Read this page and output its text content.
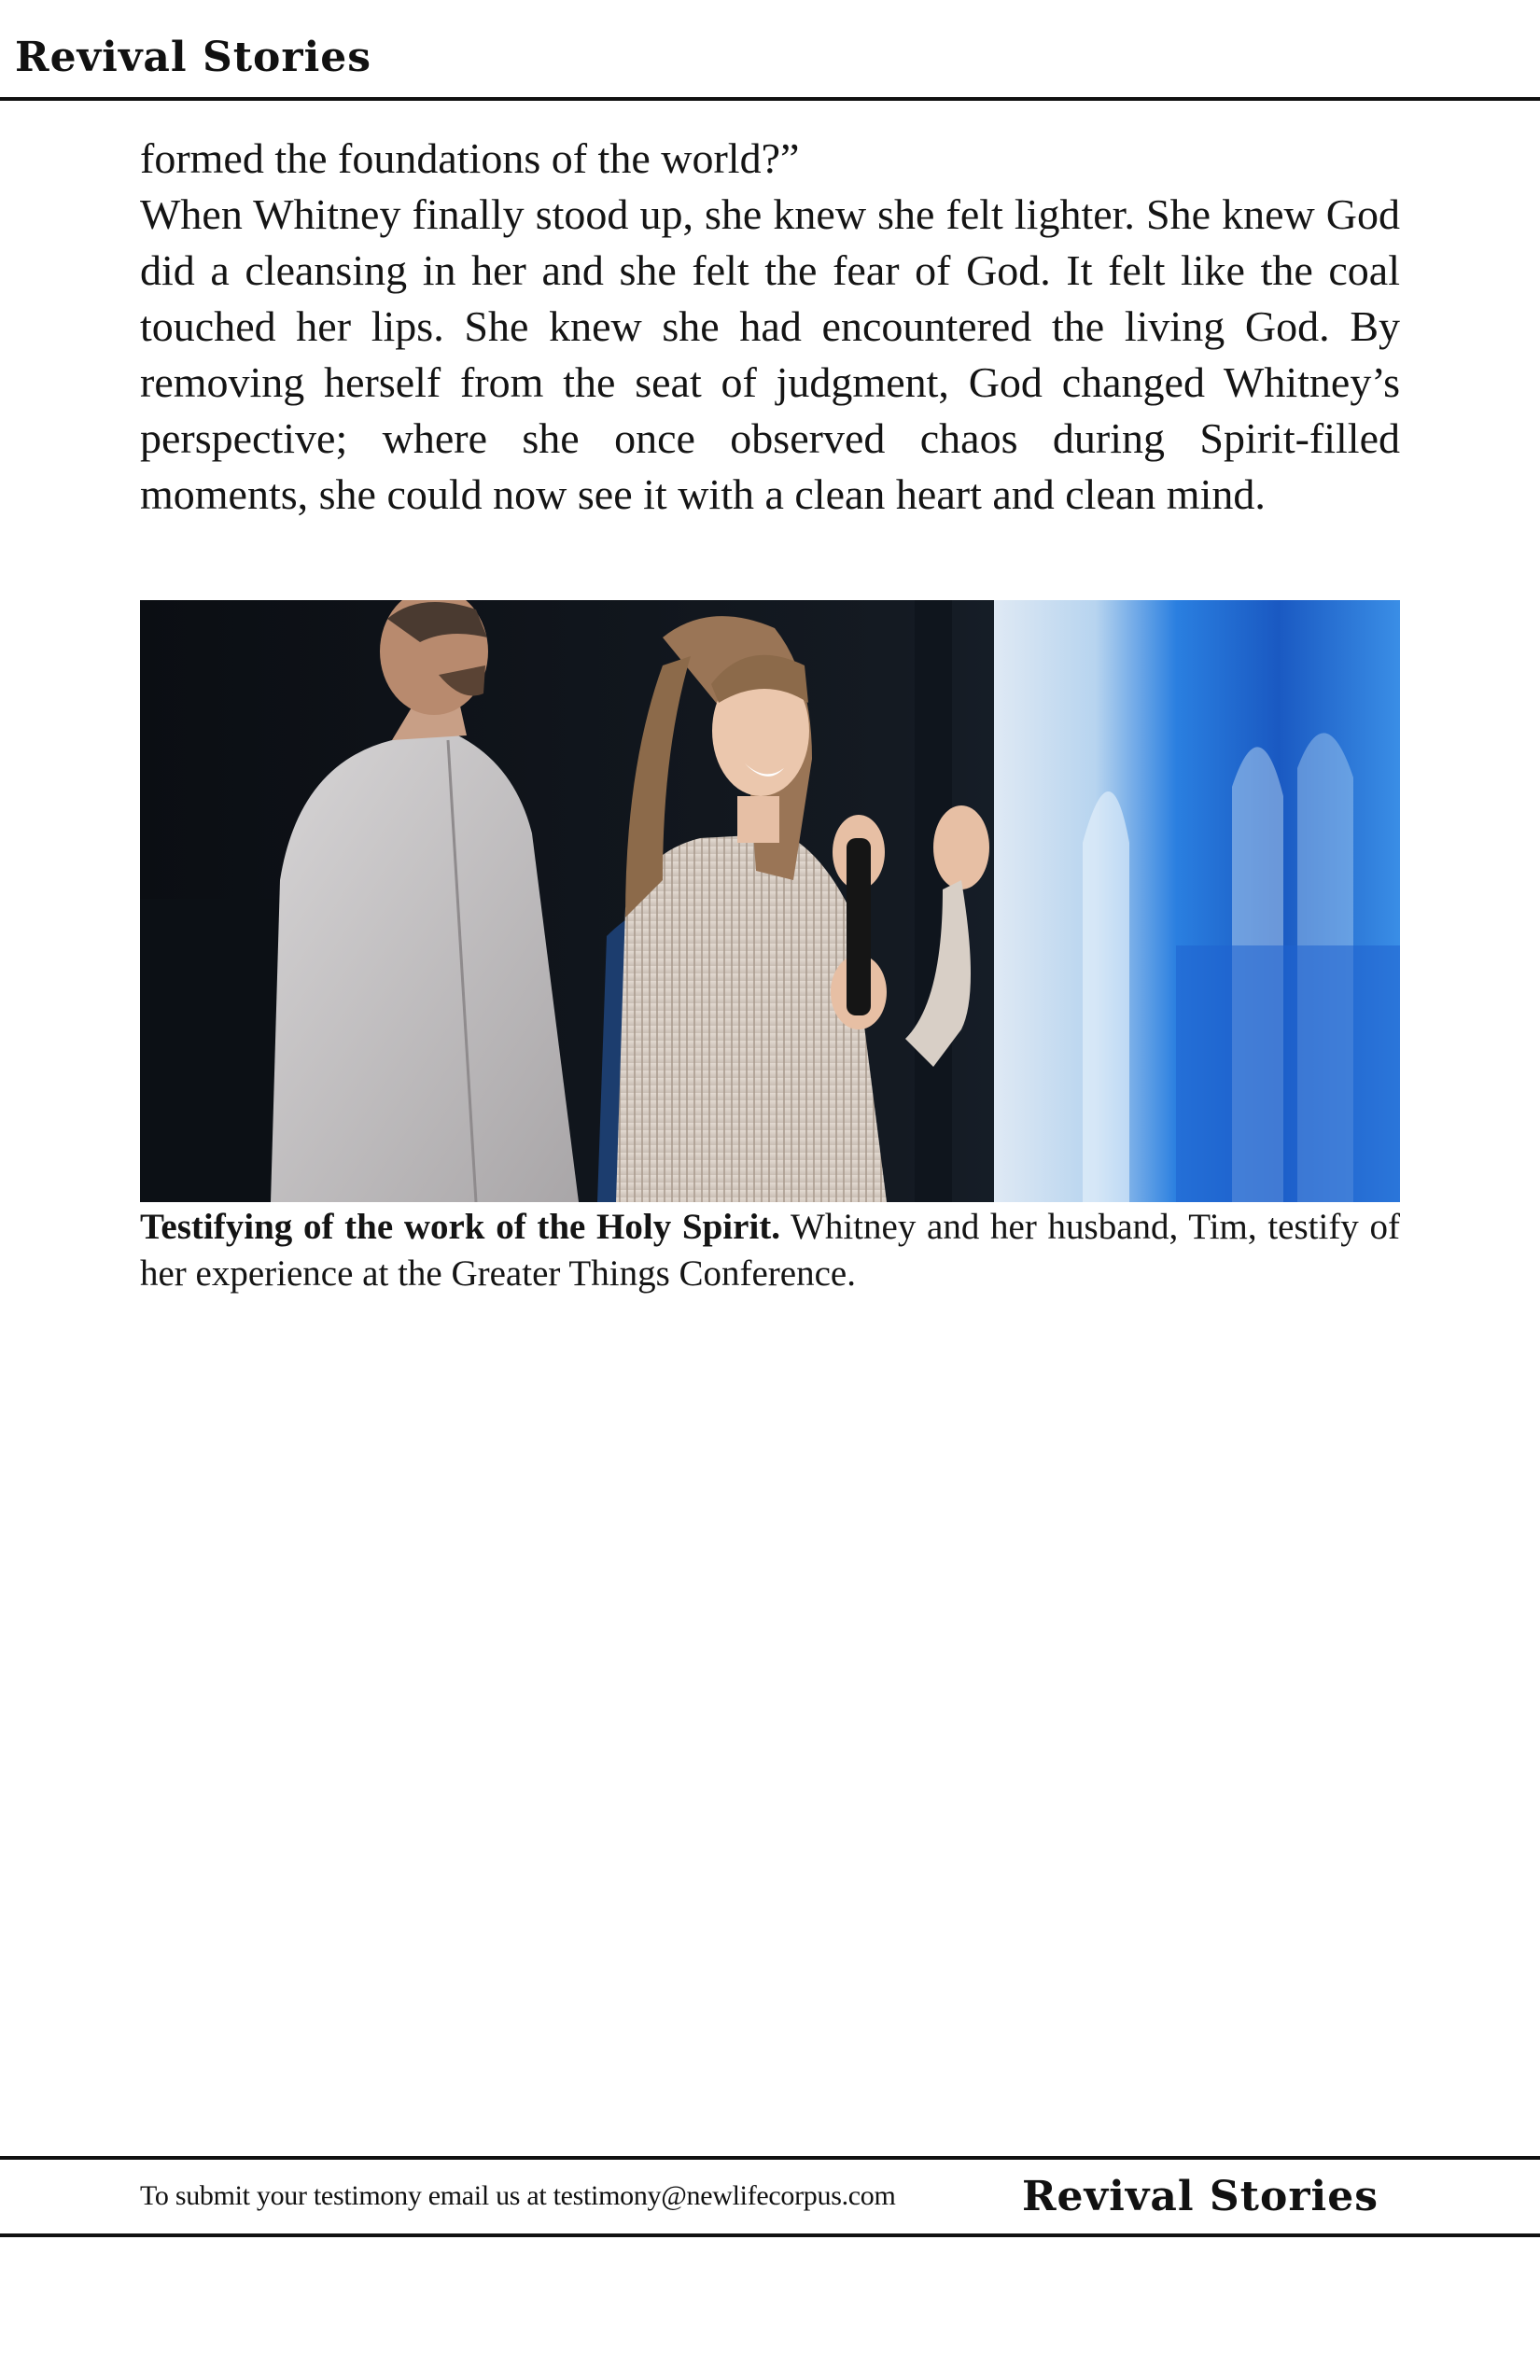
Revival Stories

formed the foundations of the world?”

When Whitney finally stood up, she knew she felt lighter. She knew God did a cleansing in her and she felt the fear of God. It felt like the coal touched her lips. She knew she had encountered the living God. By removing herself from the seat of judgment, God changed Whitney’s perspective; where she once observed chaos during Spirit-filled moments, she could now see it with a clean heart and clean mind.

Testifying of the work of the Holy Spirit. Whitney and her husband, Tim, testify of her experience at the Greater Things Conference.
To submit your testimony email us at testimony@newlifecorpus.com	Revival Stories
